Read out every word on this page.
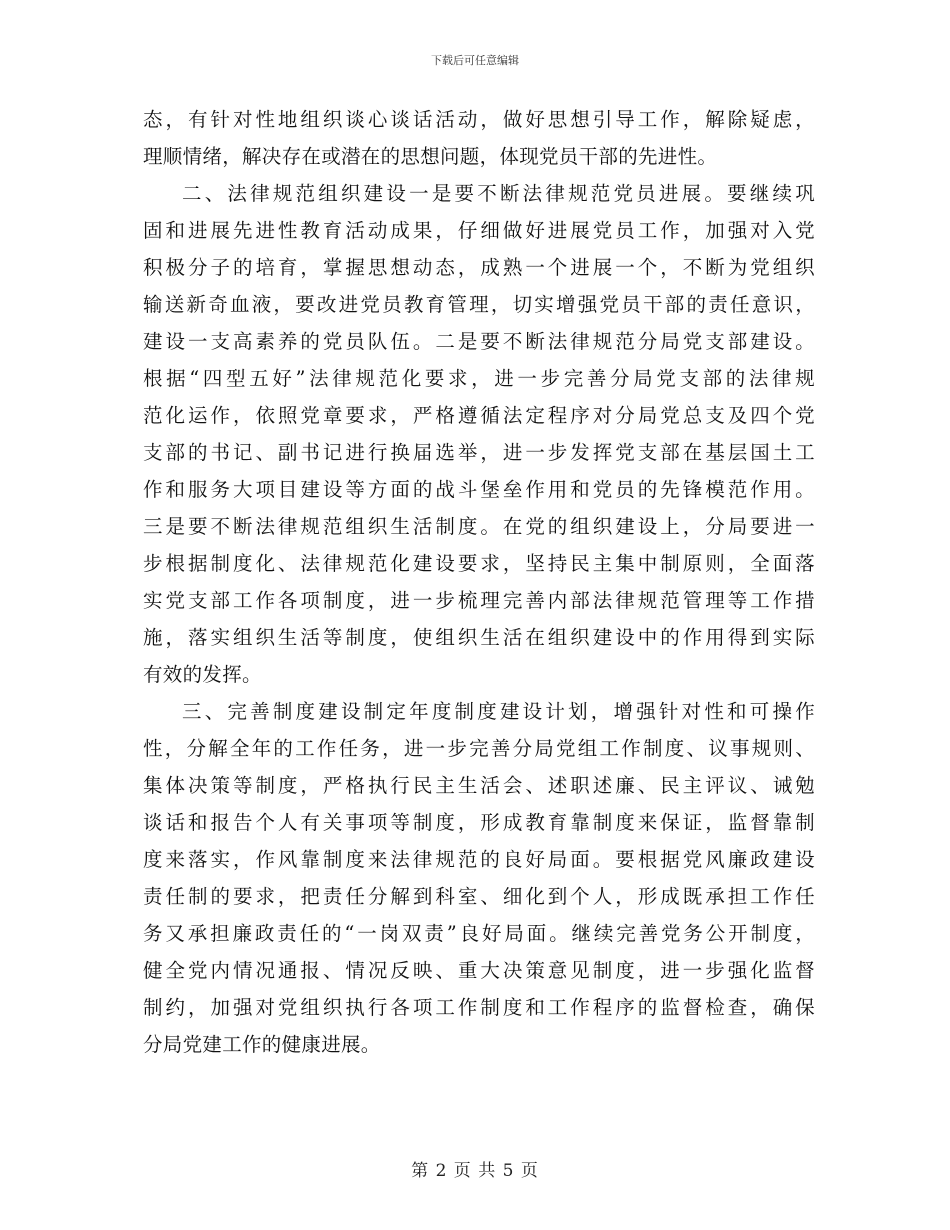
下载后可任意编辑
态，有针对性地组织谈心谈话活动，做好思想引导工作，解除疑虑，
理顺情绪，解决存在或潜在的思想问题，体现党员干部的先进性。
二、法律规范组织建设一是要不断法律规范党员进展。要继续巩
固和进展先进性教育活动成果，仔细做好进展党员工作，加强对入党
积极分子的培育，掌握思想动态，成熟一个进展一个，不断为党组织
输送新奇血液，要改进党员教育管理，切实增强党员干部的责任意识，
建设一支高素养的党员队伍。二是要不断法律规范分局党支部建设。
根据“四型五好”法律规范化要求，进一步完善分局党支部的法律规
范化运作，依照党章要求，严格遵循法定程序对分局党总支及四个党
支部的书记、副书记进行换届选举，进一步发挥党支部在基层国土工
作和服务大项目建设等方面的战斗堡垒作用和党员的先锋模范作用。
三是要不断法律规范组织生活制度。在党的组织建设上，分局要进一
步根据制度化、法律规范化建设要求，坚持民主集中制原则，全面落
实党支部工作各项制度，进一步梳理完善内部法律规范管理等工作措
施，落实组织生活等制度，使组织生活在组织建设中的作用得到实际
有效的发挥。
三、完善制度建设制定年度制度建设计划，增强针对性和可操作
性，分解全年的工作任务，进一步完善分局党组工作制度、议事规则、
集体决策等制度，严格执行民主生活会、述职述廉、民主评议、诫勉
谈话和报告个人有关事项等制度，形成教育靠制度来保证，监督靠制
度来落实，作风靠制度来法律规范的良好局面。要根据党风廉政建设
责任制的要求，把责任分解到科室、细化到个人，形成既承担工作任
务又承担廉政责任的“一岗双责”良好局面。继续完善党务公开制度，
健全党内情况通报、情况反映、重大决策意见制度，进一步强化监督
制约，加强对党组织执行各项工作制度和工作程序的监督检查，确保
分局党建工作的健康进展。
第 2 页 共 5 页
